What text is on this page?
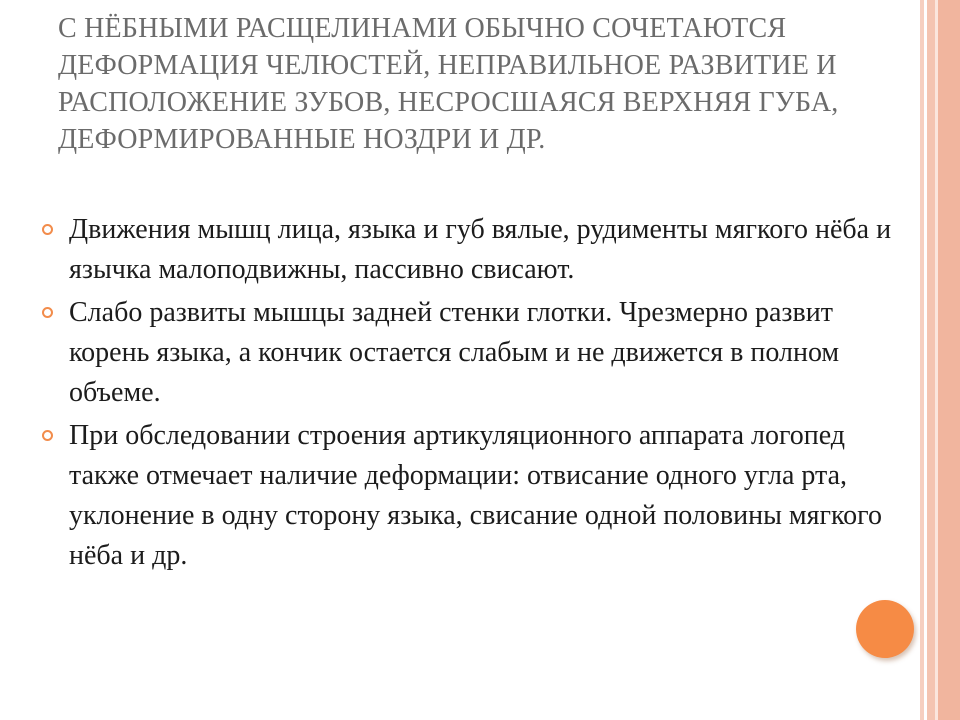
С НЁБНЫМИ РАСЩЕЛИНАМИ ОБЫЧНО СОЧЕТАЮТСЯ ДЕФОРМАЦИЯ ЧЕЛЮСТЕЙ, НЕПРАВИЛЬНОЕ РАЗВИТИЕ И РАСПОЛОЖЕНИЕ ЗУБОВ, НЕСРОСШАЯСЯ ВЕРХНЯЯ ГУБА, ДЕФОРМИРОВАННЫЕ НОЗДРИ И ДР.
Движения мышц лица, языка и губ вялые, рудименты мягкого нёба и язычка малоподвижны, пассивно свисают.
Слабо развиты мышцы задней стенки глотки. Чрезмерно развит корень языка, а кончик остается слабым и не движется в полном объеме.
При обследовании строения артикуляционного аппарата логопед также отмечает наличие деформации: отвисание одного угла рта, уклонение в одну сторону языка, свисание одной половины мягкого нёба и др.
